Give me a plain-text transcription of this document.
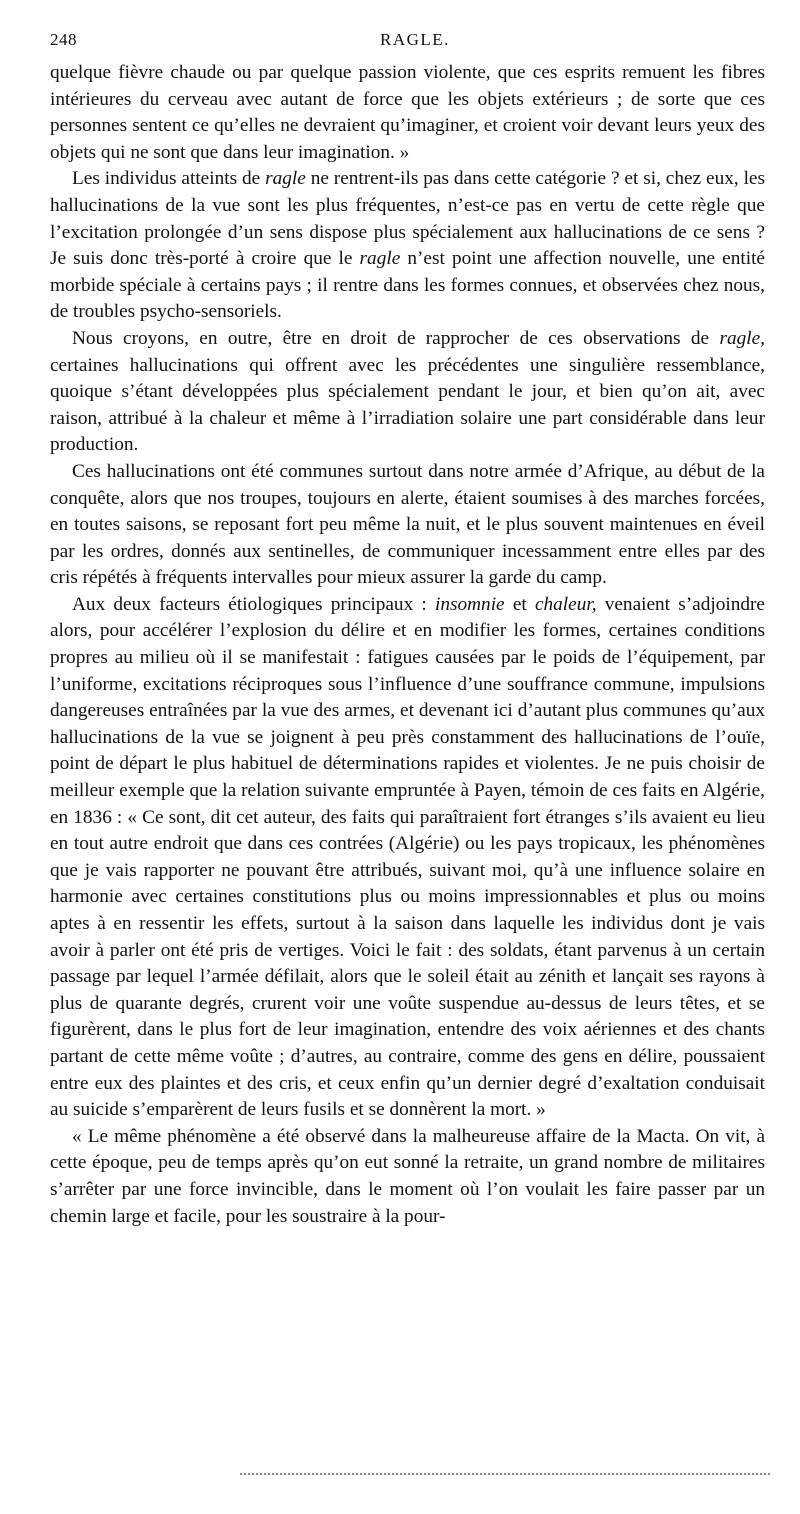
248	RAGLE.

quelque fièvre chaude ou par quelque passion violente, que ces esprits remuent les fibres intérieures du cerveau avec autant de force que les objets extérieurs ; de sorte que ces personnes sentent ce qu’elles ne devraient qu’imaginer, et croient voir devant leurs yeux des objets qui ne sont que dans leur imagination. »

Les individus atteints de ragle ne rentrent-ils pas dans cette catégorie ? et si, chez eux, les hallucinations de la vue sont les plus fréquentes, n’est-ce pas en vertu de cette règle que l’excitation prolongée d’un sens dispose plus spécialement aux hallucinations de ce sens ? Je suis donc très-porté à croire que le ragle n’est point une affection nouvelle, une entité morbide spéciale à certains pays ; il rentre dans les formes connues, et observées chez nous, de troubles psycho-sensoriels.

Nous croyons, en outre, être en droit de rapprocher de ces observations de ragle, certaines hallucinations qui offrent avec les précédentes une singulière ressemblance, quoique s’étant développées plus spécialement pendant le jour, et bien qu’on ait, avec raison, attribué à la chaleur et même à l’irradiation solaire une part considérable dans leur production.

Ces hallucinations ont été communes surtout dans notre armée d’Afrique, au début de la conquête, alors que nos troupes, toujours en alerte, étaient soumises à des marches forcées, en toutes saisons, se reposant fort peu même la nuit, et le plus souvent maintenues en éveil par les ordres, donnés aux sentinelles, de communiquer incessamment entre elles par des cris répétés à fréquents intervalles pour mieux assurer la garde du camp.

Aux deux facteurs étiologiques principaux : insomnie et chaleur, venaient s’adjoindre alors, pour accélérer l’explosion du délire et en modifier les formes, certaines conditions propres au milieu où il se manifestait : fatigues causées par le poids de l’équipement, par l’uniforme, excitations réciproques sous l’influence d’une souffrance commune, impulsions dangereuses entraînées par la vue des armes, et devenant ici d’autant plus communes qu’aux hallucinations de la vue se joignent à peu près constamment des hallucinations de l’ouïe, point de départ le plus habituel de déterminations rapides et violentes. Je ne puis choisir de meilleur exemple que la relation suivante empruntée à Payen, témoin de ces faits en Algérie, en 1836 : « Ce sont, dit cet auteur, des faits qui paraîtraient fort étranges s’ils avaient eu lieu en tout autre endroit que dans ces contrées (Algérie) ou les pays tropicaux, les phénomènes que je vais rapporter ne pouvant être attribués, suivant moi, qu’à une influence solaire en harmonie avec certaines constitutions plus ou moins impressionnables et plus ou moins aptes à en ressentir les effets, surtout à la saison dans laquelle les individus dont je vais avoir à parler ont été pris de vertiges. Voici le fait : des soldats, étant parvenus à un certain passage par lequel l’armée défilait, alors que le soleil était au zénith et lançait ses rayons à plus de quarante degrés, crurent voir une voûte suspendue au-dessus de leurs têtes, et se figurèrent, dans le plus fort de leur imagination, entendre des voix aériennes et des chants partant de cette même voûte ; d’autres, au contraire, comme des gens en délire, poussaient entre eux des plaintes et des cris, et ceux enfin qu’un dernier degré d’exaltation conduisait au suicide s’emparèrent de leurs fusils et se donnèrent la mort. »

« Le même phénomène a été observé dans la malheureuse affaire de la Macta. On vit, à cette époque, peu de temps après qu’on eut sonné la retraite, un grand nombre de militaires s’arrêter par une force invincible, dans le moment où l’on voulait les faire passer par un chemin large et facile, pour les soustraire à la pour-
